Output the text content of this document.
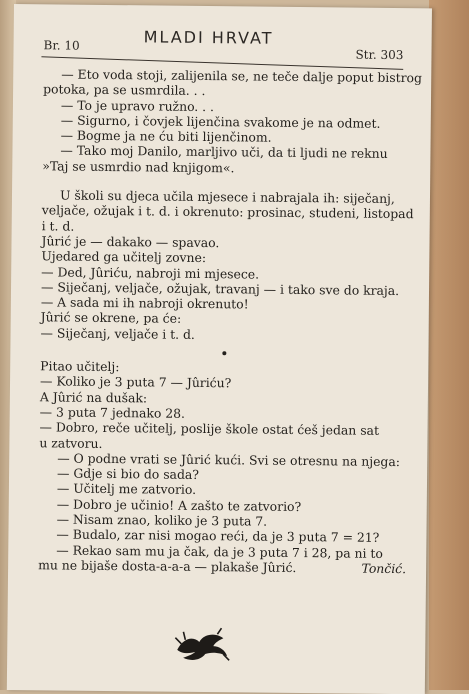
Br. 10	MLADI HRVAT
Str. 303
— Eto voda stoji, zalijenila se, ne teče dalje poput bistrog
potoka, pa se usmrdila. . .
— To je upravo ružno. . .
— Sigurno, i čovjek lijenčina svakome je na odmet.
— Bogme ja ne ću biti lijenčinom.
— Tako moj Danilo, marljivo uči, da ti ljudi ne reknu
»Taj se usmrdio nad knjigom«.
U školi su djeca učila mjesece i nabrajala ih: siječanj,
veljače, ožujak i t. d. i okrenuto: prosinac, studeni, listopad
i t. d.
Jûrić je — dakako — spavao.
Ujedared ga učitelj zovne:
— Ded, Jûriću, nabroji mi mjesece.
— Siječanj, veljače, ožujak, travanj — i tako sve do kraja.
— A sada mi ih nabroji okrenuto!
Jûrić se okrene, pa će:
— Siječanj, veljače i t. d.
Pitao učitelj:
— Koliko je 3 puta 7 — Jûriću?
A Jûrić na dušak:
— 3 puta 7 jednako 28.
— Dobro, reče učitelj, poslije škole ostat ćeš jedan sat
u zatvoru.
— O podne vrati se Jûrić kući. Svi se otresnu na njega:
— Gdje si bio do sada?
— Učitelj me zatvorio.
— Dobro je učinio! A zašto te zatvorio?
— Nisam znao, koliko je 3 puta 7.
— Budalo, zar nisi mogao reći, da je 3 puta 7 = 21?
— Rekao sam mu ja čak, da je 3 puta 7 i 28, pa ni to
mu ne bijaše dosta-a-a-a — plakaše Jûrić.	Tončić.
